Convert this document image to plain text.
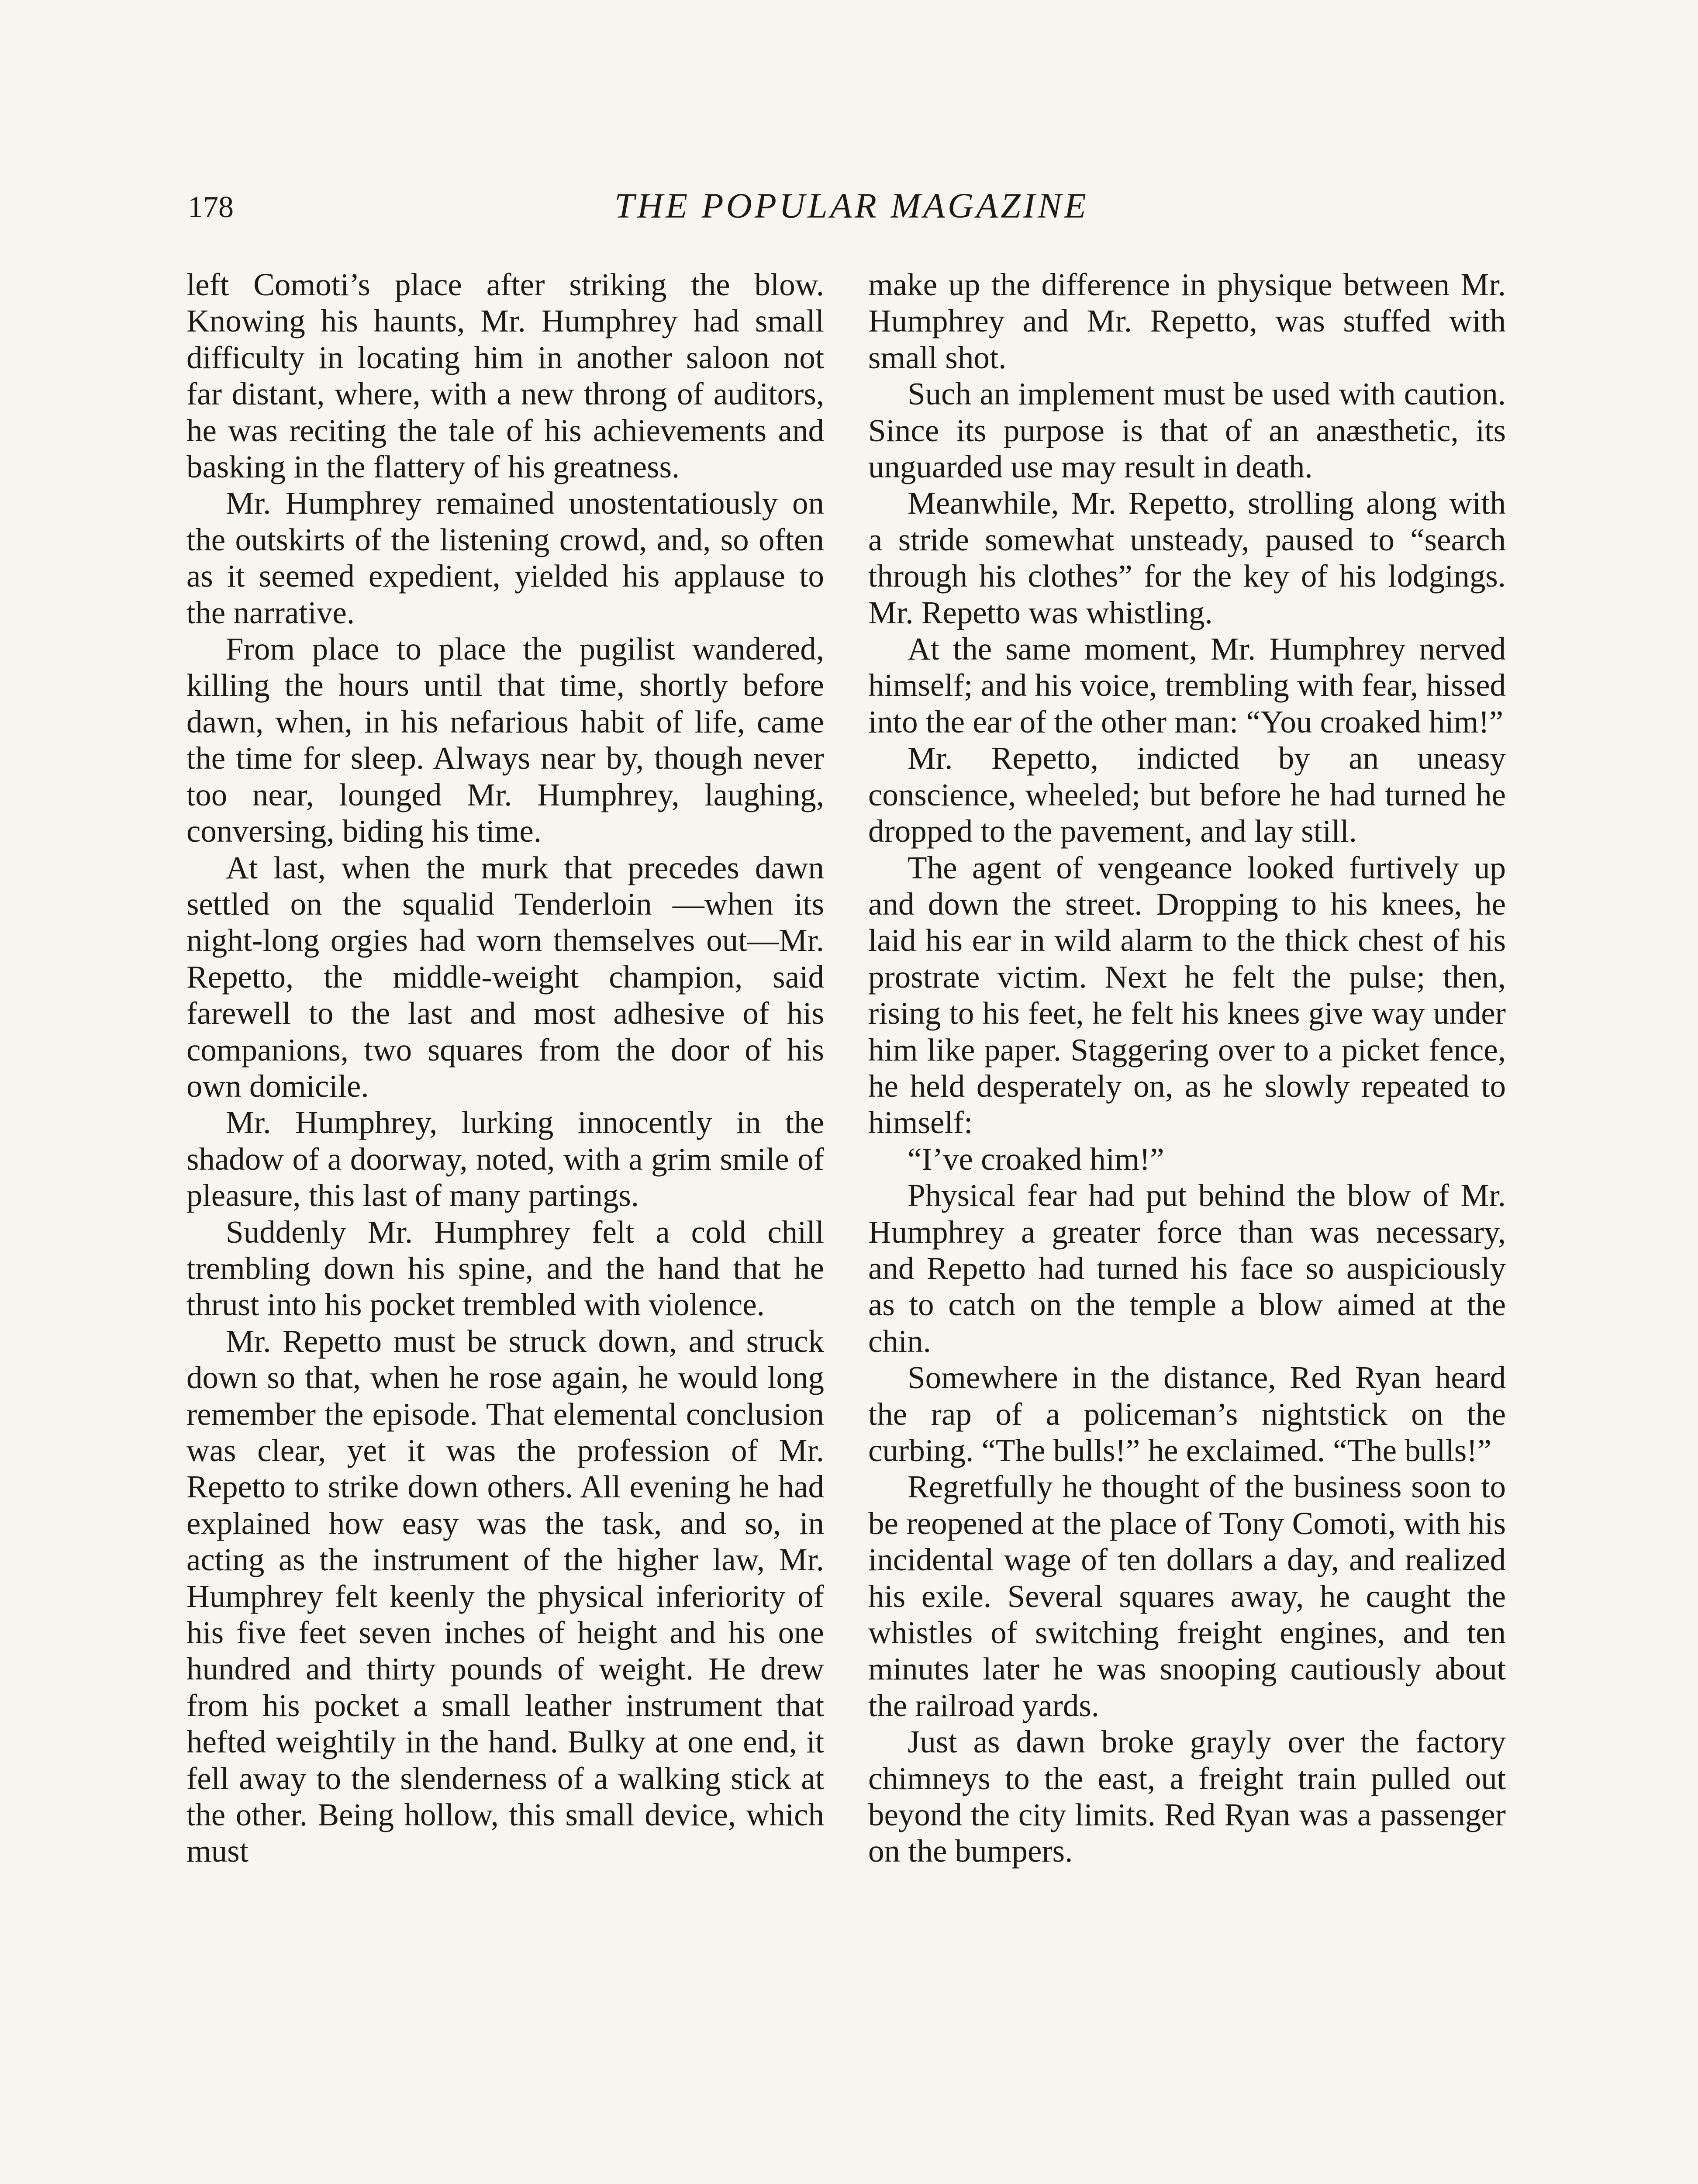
178	THE POPULAR MAGAZINE

left Comoti’s place after striking the blow. Knowing his haunts, Mr. Humphrey had small difficulty in locating him in another saloon not far distant, where, with a new throng of auditors, he was reciting the tale of his achievements and basking in the flattery of his greatness.

Mr. Humphrey remained unostentatiously on the outskirts of the listening crowd, and, so often as it seemed expedient, yielded his applause to the narrative.

From place to place the pugilist wandered, killing the hours until that time, shortly before dawn, when, in his nefarious habit of life, came the time for sleep. Always near by, though never too near, lounged Mr. Humphrey, laughing, conversing, biding his time.

At last, when the murk that precedes dawn settled on the squalid Tenderloin —when its night-long orgies had worn themselves out—Mr. Repetto, the middle-weight champion, said farewell to the last and most adhesive of his companions, two squares from the door of his own domicile.

Mr. Humphrey, lurking innocently in the shadow of a doorway, noted, with a grim smile of pleasure, this last of many partings.

Suddenly Mr. Humphrey felt a cold chill trembling down his spine, and the hand that he thrust into his pocket trembled with violence.

Mr. Repetto must be struck down, and struck down so that, when he rose again, he would long remember the episode. That elemental conclusion was clear, yet it was the profession of Mr. Repetto to strike down others. All evening he had explained how easy was the task, and so, in acting as the instrument of the higher law, Mr. Humphrey felt keenly the physical inferiority of his five feet seven inches of height and his one hundred and thirty pounds of weight. He drew from his pocket a small leather instrument that hefted weightily in the hand. Bulky at one end, it fell away to the slenderness of a walking stick at the other. Being hollow, this small device, which must

make up the difference in physique between Mr. Humphrey and Mr. Repetto, was stuffed with small shot.

Such an implement must be used with caution. Since its purpose is that of an anæsthetic, its unguarded use may result in death.

Meanwhile, Mr. Repetto, strolling along with a stride somewhat unsteady, paused to “search through his clothes” for the key of his lodgings. Mr. Repetto was whistling.

At the same moment, Mr. Humphrey nerved himself; and his voice, trembling with fear, hissed into the ear of the other man: “You croaked him!”

Mr. Repetto, indicted by an uneasy conscience, wheeled; but before he had turned he dropped to the pavement, and lay still.

The agent of vengeance looked furtively up and down the street. Dropping to his knees, he laid his ear in wild alarm to the thick chest of his prostrate victim. Next he felt the pulse; then, rising to his feet, he felt his knees give way under him like paper. Staggering over to a picket fence, he held desperately on, as he slowly repeated to himself:

“I’ve croaked him!”

Physical fear had put behind the blow of Mr. Humphrey a greater force than was necessary, and Repetto had turned his face so auspiciously as to catch on the temple a blow aimed at the chin.

Somewhere in the distance, Red Ryan heard the rap of a policeman’s nightstick on the curbing. “The bulls!” he exclaimed. “The bulls!”

Regretfully he thought of the business soon to be reopened at the place of Tony Comoti, with his incidental wage of ten dollars a day, and realized his exile. Several squares away, he caught the whistles of switching freight engines, and ten minutes later he was snooping cautiously about the railroad yards.

Just as dawn broke grayly over the factory chimneys to the east, a freight train pulled out beyond the city limits. Red Ryan was a passenger on the bumpers.
